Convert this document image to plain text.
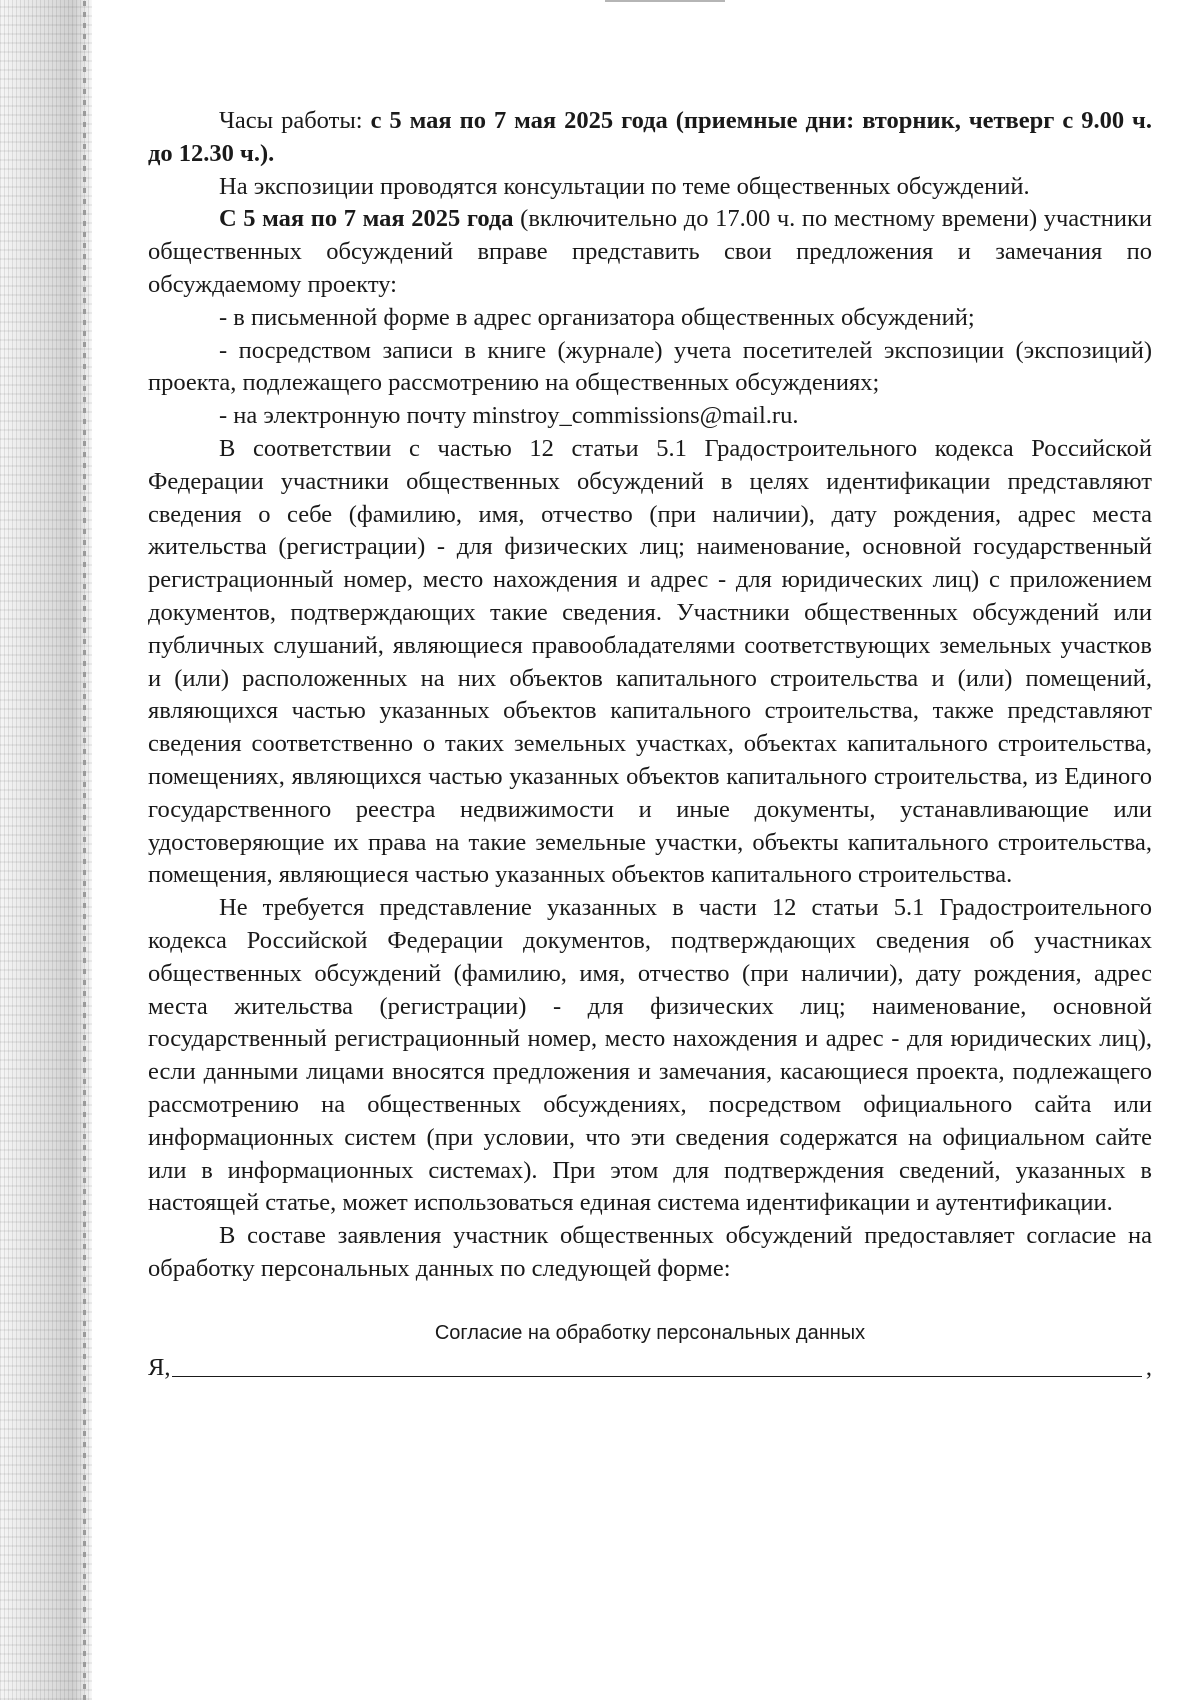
Часы работы: с 5 мая по 7 мая 2025 года (приемные дни: вторник, четверг с 9.00 ч. до 12.30 ч.).

На экспозиции проводятся консультации по теме общественных обсуждений.

С 5 мая по 7 мая 2025 года (включительно до 17.00 ч. по местному времени) участники общественных обсуждений вправе представить свои предложения и замечания по обсуждаемому проекту:

- в письменной форме в адрес организатора общественных обсуждений;

- посредством записи в книге (журнале) учета посетителей экспозиции (экспозиций) проекта, подлежащего рассмотрению на общественных обсуждениях;

- на электронную почту minstroy_commissions@mail.ru.

В соответствии с частью 12 статьи 5.1 Градостроительного кодекса Российской Федерации участники общественных обсуждений в целях идентификации представляют сведения о себе (фамилию, имя, отчество (при наличии), дату рождения, адрес места жительства (регистрации) - для физических лиц; наименование, основной государственный регистрационный номер, место нахождения и адрес - для юридических лиц) с приложением документов, подтверждающих такие сведения. Участники общественных обсуждений или публичных слушаний, являющиеся правообладателями соответствующих земельных участков и (или) расположенных на них объектов капитального строительства и (или) помещений, являющихся частью указанных объектов капитального строительства, также представляют сведения соответственно о таких земельных участках, объектах капитального строительства, помещениях, являющихся частью указанных объектов капитального строительства, из Единого государственного реестра недвижимости и иные документы, устанавливающие или удостоверяющие их права на такие земельные участки, объекты капитального строительства, помещения, являющиеся частью указанных объектов капитального строительства.

Не требуется представление указанных в части 12 статьи 5.1 Градостроительного кодекса Российской Федерации документов, подтверждающих сведения об участниках общественных обсуждений (фамилию, имя, отчество (при наличии), дату рождения, адрес места жительства (регистрации) - для физических лиц; наименование, основной государственный регистрационный номер, место нахождения и адрес - для юридических лиц), если данными лицами вносятся предложения и замечания, касающиеся проекта, подлежащего рассмотрению на общественных обсуждениях, посредством официального сайта или информационных систем (при условии, что эти сведения содержатся на официальном сайте или в информационных системах). При этом для подтверждения сведений, указанных в настоящей статье, может использоваться единая система идентификации и аутентификации.

В составе заявления участник общественных обсуждений предоставляет согласие на обработку персональных данных по следующей форме:

Согласие на обработку персональных данных
Я,	,
